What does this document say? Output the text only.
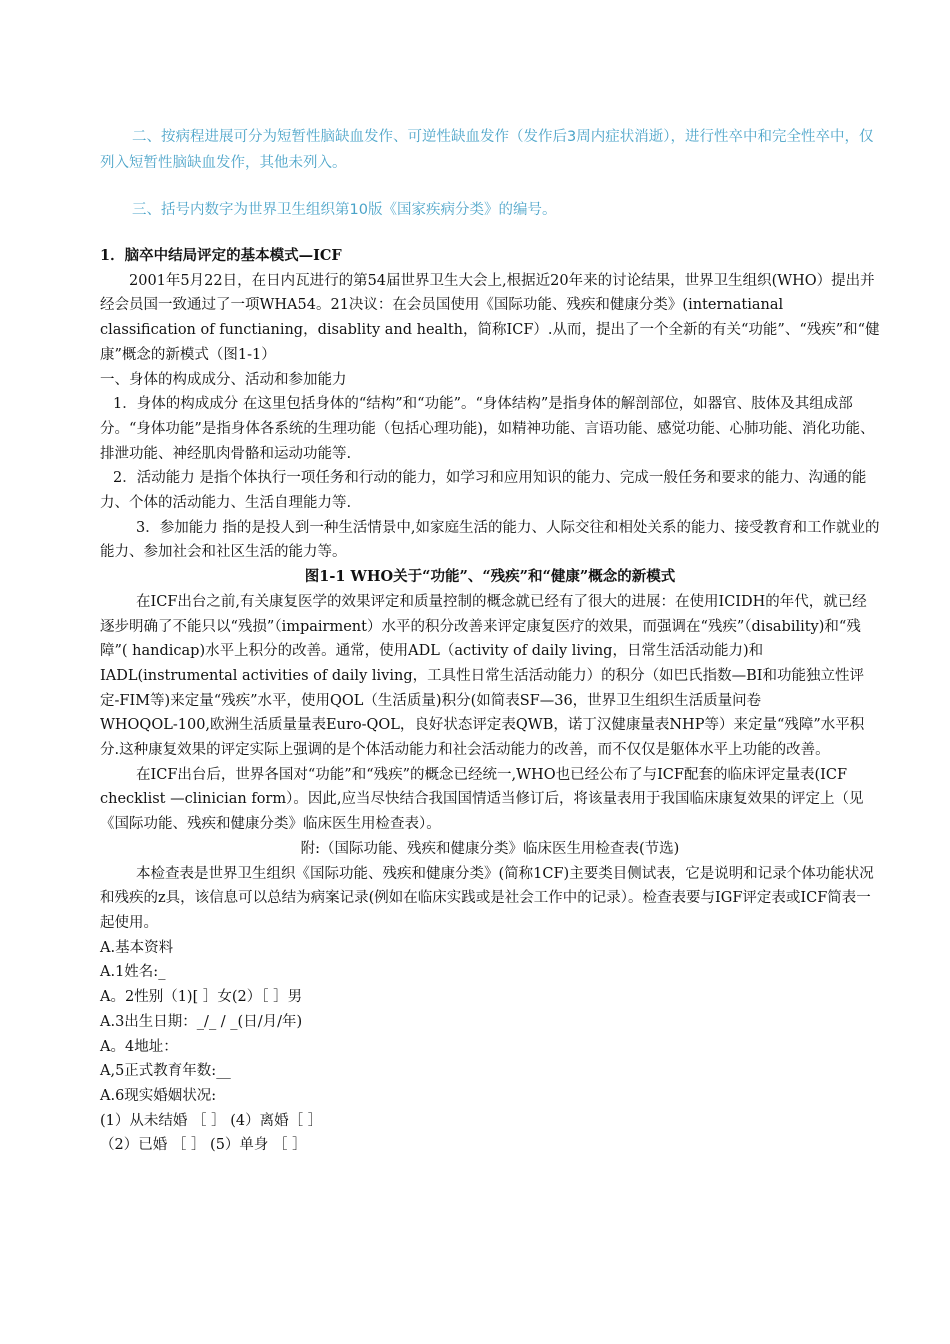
二、按病程进展可分为短暂性脑缺血发作、可逆性缺血发作（发作后3周内症状消逝），进行性卒中和完全性卒中，仅列入短暂性脑缺血发作，其他未列入。
三、括号内数字为世界卫生组织第10版《国家疾病分类》的编号。

1．脑卒中结局评定的基本模式—ICF

2001年5月22日，在日内瓦进行的第54届世界卫生大会上,根据近20年来的讨论结果，世界卫生组织(WHO）提出并经会员国一致通过了一项WHA54。21决议：在会员国使用《国际功能、残疾和健康分类》(internatianal classification of functianing，disablity and health，简称ICF）.从而，提出了一个全新的有关“功能”、“残疾”和“健康”概念的新模式（图1-1）

一、身体的构成成分、活动和参加能力

1．身体的构成成分 在这里包括身体的“结构”和“功能”。“身体结构”是指身体的解剖部位，如器官、肢体及其组成部分。“身体功能”是指身体各系统的生理功能（包括心理功能)，如精神功能、言语功能、感觉功能、心肺功能、消化功能、排泄功能、神经肌肉骨骼和运动功能等.

2．活动能力 是指个体执行一项任务和行动的能力，如学习和应用知识的能力、完成一般任务和要求的能力、沟通的能力、个体的活动能力、生活自理能力等.

3．参加能力 指的是投人到一种生活情景中,如家庭生活的能力、人际交往和相处关系的能力、接受教育和工作就业的能力、参加社会和社区生活的能力等。

图1-1 WHO关于“功能”、“残疾”和“健康”概念的新模式

在ICF出台之前,有关康复医学的效果评定和质量控制的概念就已经有了很大的进展：在使用ICIDH的年代，就已经逐步明确了不能只以“残损”（impairment）水平的积分改善来评定康复医疗的效果，而强调在“残疾”（disability)和“残障”( handicap)水平上积分的改善。通常，使用ADL（activity of daily living，日常生活活动能力)和IADL(instrumental activities of daily living，工具性日常生活活动能力）的积分（如巴氏指数—BI和功能独立性评定-FIM等)来定量“残疾”水平，使用QOL（生活质量)积分(如简表SF—36，世界卫生组织生活质量问卷

WHOQOL-100,欧洲生活质量量表Euro-QOL，良好状态评定表QWB，诺丁汉健康量表NHP等）来定量“残障”水平积分.这种康复效果的评定实际上强调的是个体活动能力和社会活动能力的改善，而不仅仅是躯体水平上功能的改善。

在ICF出台后，世界各国对“功能”和“残疾”的概念已经统一,WHO也已经公布了与ICF配套的临床评定量表(ICF checklist —clinician form）。因此,应当尽快结合我国国情适当修订后，将该量表用于我国临床康复效果的评定上（见《国际功能、残疾和健康分类》临床医生用检查表）。

附:（国际功能、残疾和健康分类》临床医生用检查表(节选)

本检查表是世界卫生组织《国际功能、残疾和健康分类》(简称1CF)主要类目侧试表，它是说明和记录个体功能状况和残疾的z具，该信息可以总结为病案记录(例如在临床实践或是社会工作中的记录）。检查表要与IGF评定表或ICF简表一起使用。

A.基本资料

A.1姓名:_

A。2性别（1)[ ］女(2）［ ］男

A.3出生日期：_/_ / _(日/月/年)

A。4地址：

A,5正式教育年数:__

A.6现实婚姻状况:

(1）从未结婚 ［ ］ (4）离婚［ ］

（2）已婚 ［ ］ (5）单身 ［ ］
